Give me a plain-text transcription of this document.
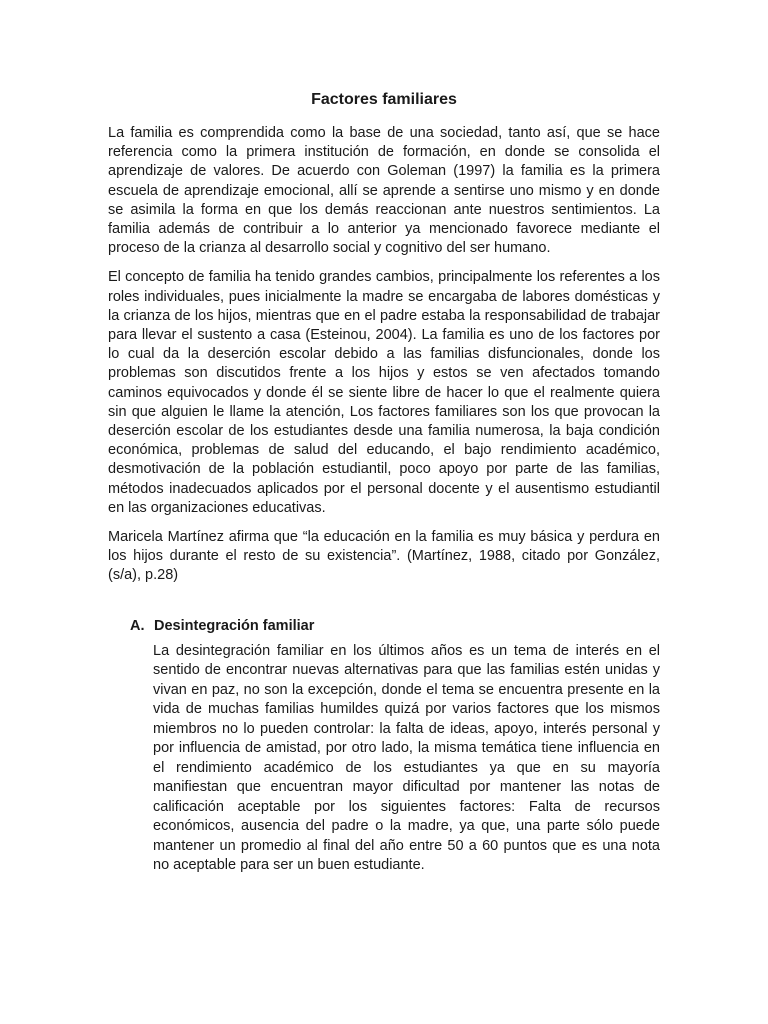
Factores familiares

La familia es comprendida como la base de una sociedad, tanto así, que se hace referencia como la primera institución de formación, en donde se consolida el aprendizaje de valores. De acuerdo con Goleman (1997) la familia es la primera escuela de aprendizaje emocional, allí se aprende a sentirse uno mismo y en donde se asimila la forma en que los demás reaccionan ante nuestros sentimientos. La familia además de contribuir a lo anterior ya mencionado favorece mediante el proceso de la crianza al desarrollo social y cognitivo del ser humano.

El concepto de familia ha tenido grandes cambios, principalmente los referentes a los roles individuales, pues inicialmente la madre se encargaba de labores domésticas y la crianza de los hijos, mientras que en el padre estaba la responsabilidad de trabajar para llevar el sustento a casa (Esteinou, 2004). La familia es uno de los factores por lo cual da la deserción escolar debido a las familias disfuncionales, donde los problemas son discutidos frente a los hijos y estos se ven afectados tomando caminos equivocados y donde él se siente libre de hacer lo que el realmente quiera sin que alguien le llame la atención, Los factores familiares son los que provocan la deserción escolar de los estudiantes desde una familia numerosa, la baja condición económica, problemas de salud del educando, el bajo rendimiento académico, desmotivación de la población estudiantil, poco apoyo por parte de las familias, métodos inadecuados aplicados por el personal docente y el ausentismo estudiantil en las organizaciones educativas.

Maricela Martínez afirma que “la educación en la familia es muy básica y perdura en los hijos durante el resto de su existencia”. (Martínez, 1988, citado por González, (s/a), p.28)

A. Desintegración familiar

La desintegración familiar en los últimos años es un tema de interés en el sentido de encontrar nuevas alternativas para que las familias estén unidas y vivan en paz, no son la excepción, donde el tema se encuentra presente en la vida de muchas familias humildes quizá por varios factores que los mismos miembros no lo pueden controlar: la falta de ideas, apoyo, interés personal y por influencia de amistad, por otro lado, la misma temática tiene influencia en el rendimiento académico de los estudiantes ya que en su mayoría manifiestan que encuentran mayor dificultad por mantener las notas de calificación aceptable por los siguientes factores: Falta de recursos económicos, ausencia del padre o la madre, ya que, una parte sólo puede mantener un promedio al final del año entre 50 a 60 puntos que es una nota no aceptable para ser un buen estudiante.
